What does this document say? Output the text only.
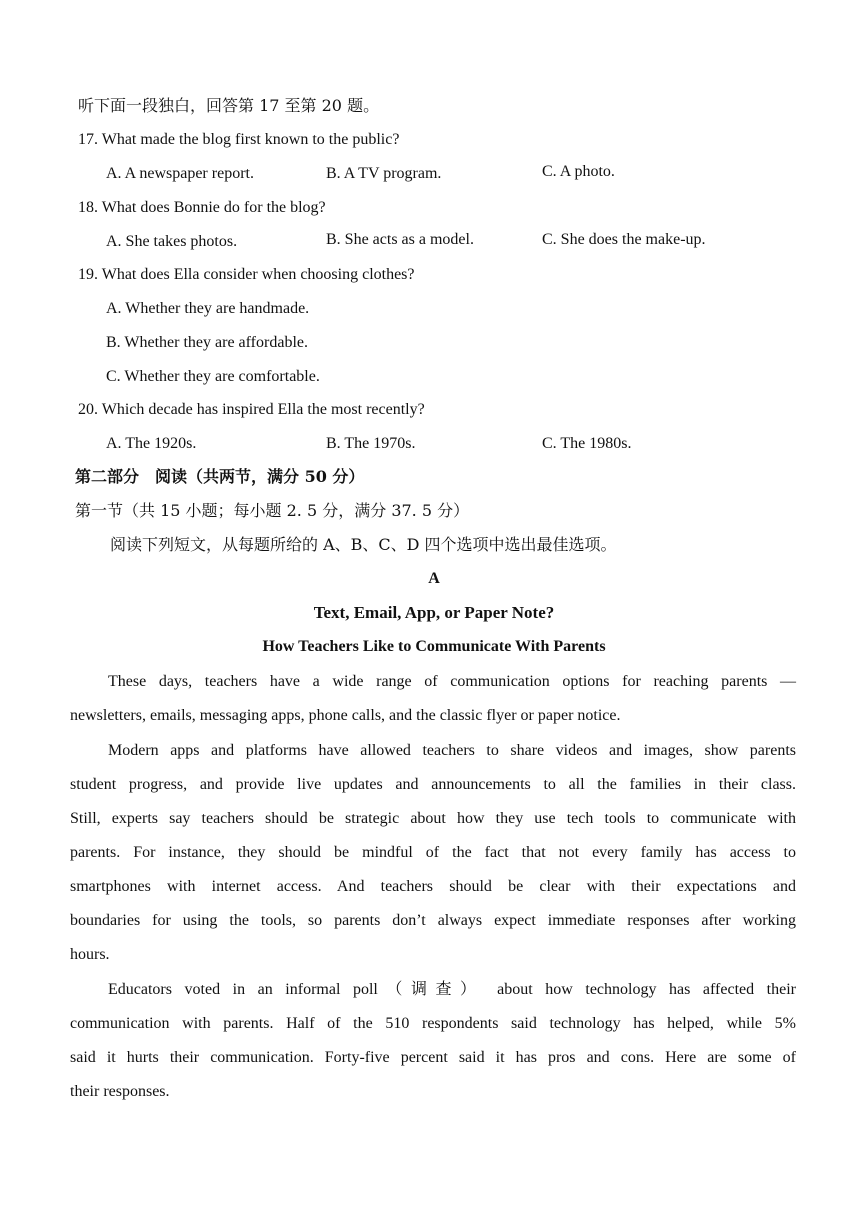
听下面一段独白，回答第 17 至第 20 题。
17. What made the blog first known to the public?
A. A newspaper report.	B. A TV program.	C. A photo.
18. What does Bonnie do for the blog?
A. She takes photos.	B. She acts as a model.	C. She does the make-up.
19. What does Ella consider when choosing clothes?
A. Whether they are handmade.
B. Whether they are affordable.
C. Whether they are comfortable.
20. Which decade has inspired Ella the most recently?
A. The 1920s.	B. The 1970s.	C. The 1980s.
第二部分　阅读（共两节，满分 50 分）
第一节（共 15 小题；每小题 2. 5 分，满分 37. 5 分）
阅读下列短文，从每题所给的 A、B、C、D 四个选项中选出最佳选项。
A
Text, Email, App, or Paper Note?
How Teachers Like to Communicate With Parents
These days, teachers have a wide range of communication options for reaching parents —
newsletters, emails, messaging apps, phone calls, and the classic flyer or paper notice.
Modern apps and platforms have allowed teachers to share videos and images, show parents
student progress, and provide live updates and announcements to all the families in their class.
Still, experts say teachers should be strategic about how they use tech tools to communicate with
parents. For instance, they should be mindful of the fact that not every family has access to
smartphones with internet access. And teachers should be clear with their expectations and
boundaries for using the tools, so parents don’t always expect immediate responses after working
hours.
Educators voted in an informal poll（调查） about how technology has affected their
communication with parents. Half of the 510 respondents said technology has helped, while 5%
said it hurts their communication. Forty-five percent said it has pros and cons. Here are some of
their responses.
